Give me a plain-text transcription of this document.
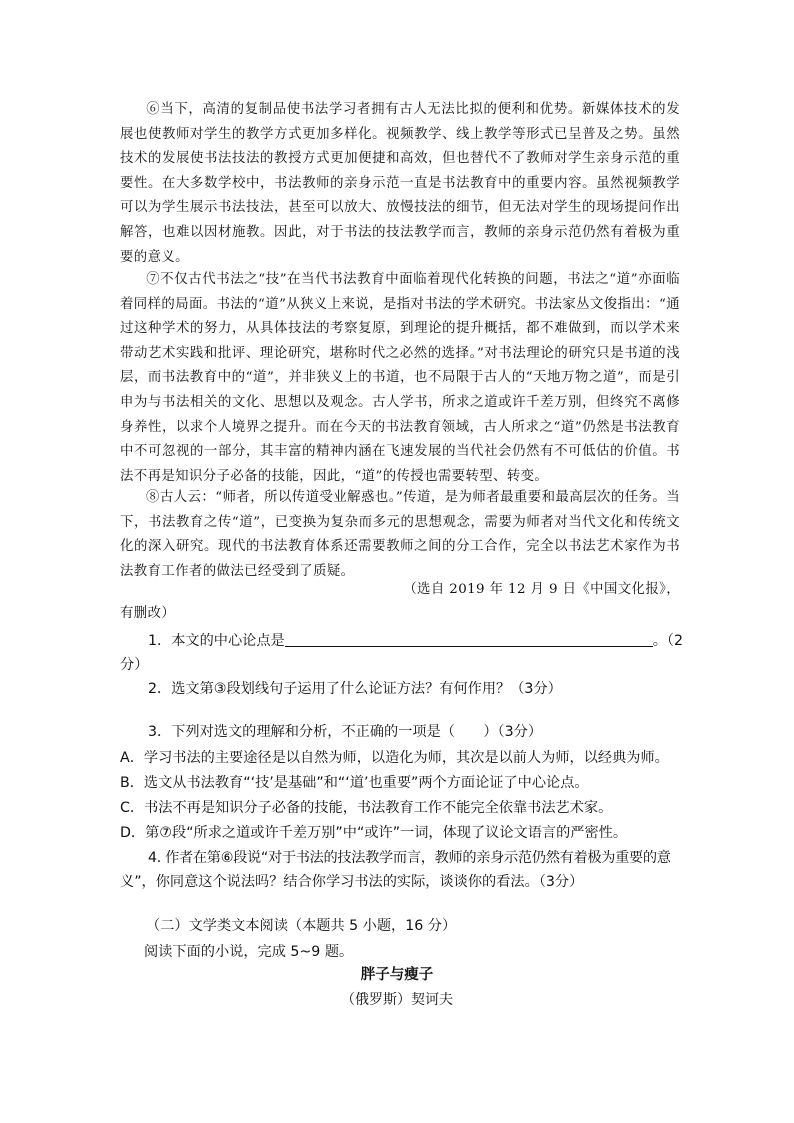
⑥当下，高清的复制品使书法学习者拥有古人无法比拟的便利和优势。新媒体技术的发展也使教师对学生的教学方式更加多样化。视频教学、线上教学等形式已呈普及之势。虽然技术的发展使书法技法的教授方式更加便捷和高效，但也替代不了教师对学生亲身示范的重要性。在大多数学校中，书法教师的亲身示范一直是书法教育中的重要内容。虽然视频教学可以为学生展示书法技法，甚至可以放大、放慢技法的细节，但无法对学生的现场提问作出解答，也难以因材施教。因此，对于书法的技法教学而言，教师的亲身示范仍然有着极为重要的意义。

⑦不仅古代书法之“技”在当代书法教育中面临着现代化转换的问题，书法之“道”亦面临着同样的局面。书法的“道”从狭义上来说，是指对书法的学术研究。书法家丛文俊指出：“通过这种学术的努力，从具体技法的考察复原，到理论的提升概括，都不难做到，而以学术来带动艺术实践和批评、理论研究，堪称时代之必然的选择。”对书法理论的研究只是书道的浅层，而书法教育中的“道”，并非狭义上的书道，也不局限于古人的“天地万物之道”，而是引申为与书法相关的文化、思想以及观念。古人学书，所求之道或许千差万别，但终究不离修身养性，以求个人境界之提升。而在今天的书法教育领域，古人所求之“道”仍然是书法教育中不可忽视的一部分，其丰富的精神内涵在飞速发展的当代社会仍然有不可低估的价值。书法不再是知识分子必备的技能，因此，“道”的传授也需要转型、转变。

⑧古人云：“师者，所以传道受业解惑也。”传道，是为师者最重要和最高层次的任务。当下，书法教育之传“道”，已变换为复杂而多元的思想观念，需要为师者对当代文化和传统文化的深入研究。现代的书法教育体系还需要教师之间的分工合作，完全以书法艺术家作为书法教育工作者的做法已经受到了质疑。

（选自 2019 年 12 月 9 日《中国文化报》，

有删改）

1．本文的中心论点是	。（2

分）

2．选文第③段划线句子运用了什么论证方法？有何作用？（3分）

3．下列对选文的理解和分析，不正确的一项是（　　）（3分）

A．学习书法的主要途径是以自然为师，以造化为师，其次是以前人为师，以经典为师。

B．选文从书法教育“‘技’是基础”和“‘道’也重要”两个方面论证了中心论点。

C．书法不再是知识分子必备的技能，书法教育工作不能完全依靠书法艺术家。

D．第⑦段“所求之道或许千差万别”中“或许”一词，体现了议论文语言的严密性。

4. 作者在第⑥段说“对于书法的技法教学而言，教师的亲身示范仍然有着极为重要的意

义”，你同意这个说法吗？结合你学习书法的实际，谈谈你的看法。（3分）

（二）文学类文本阅读（本题共 5 小题，16 分）

阅读下面的小说，完成 5~9 题。

胖子与瘦子

（俄罗斯）契诃夫
